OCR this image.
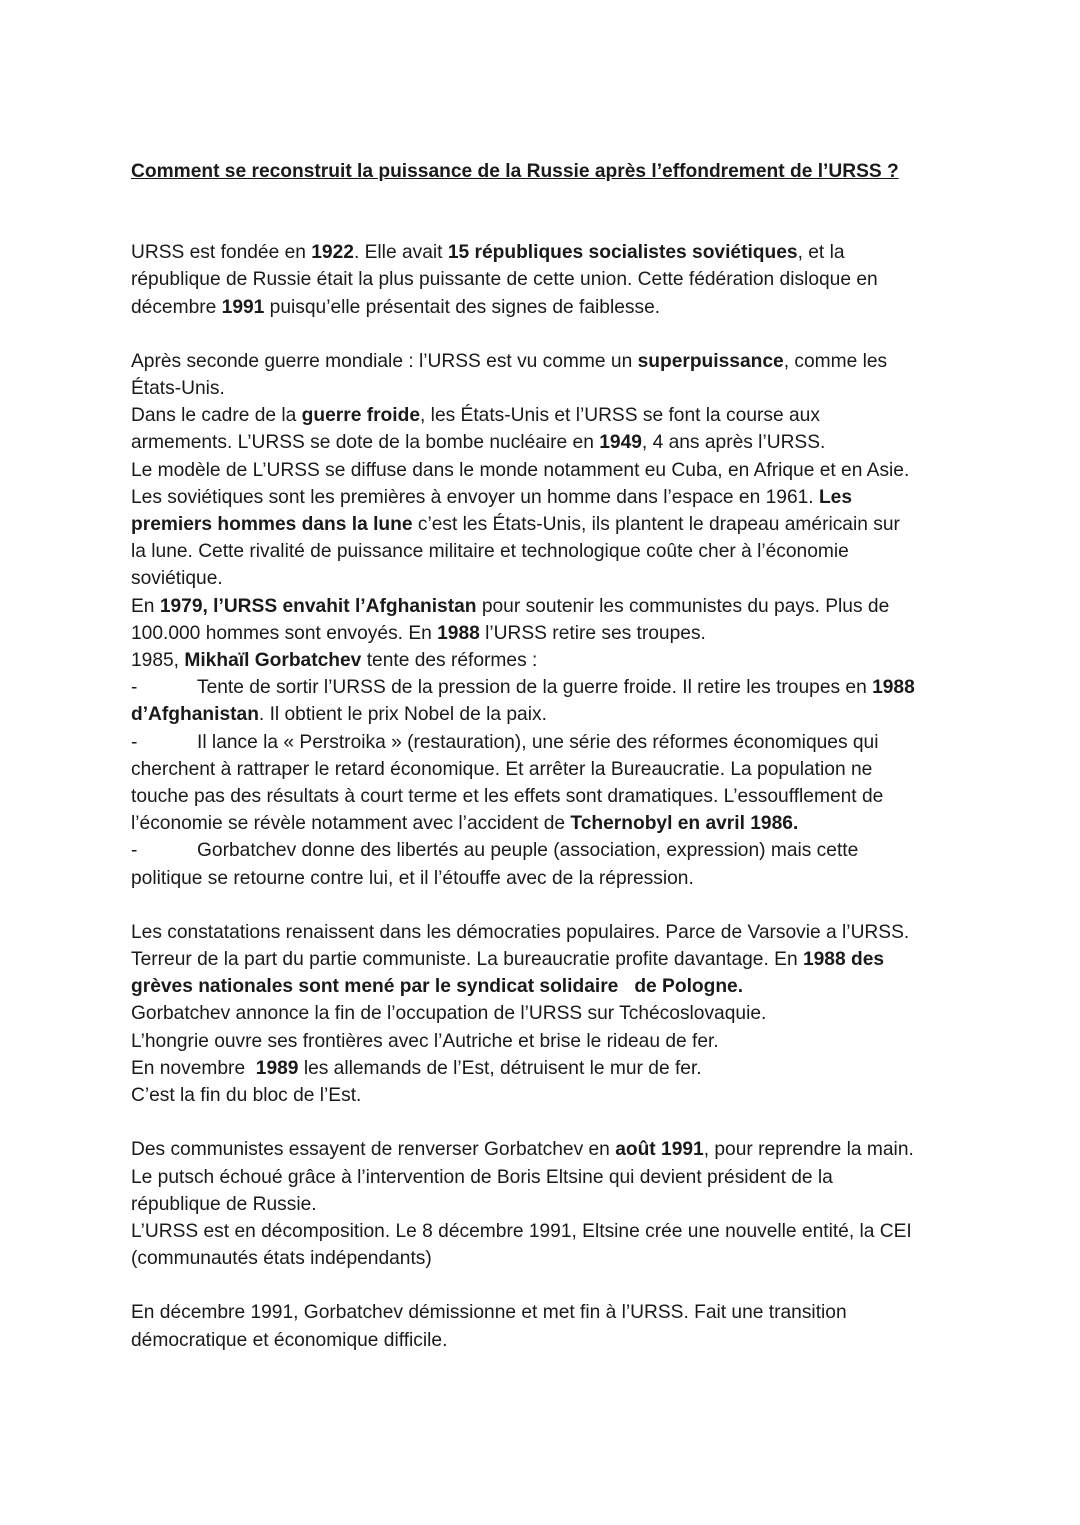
Comment se reconstruit la puissance de la Russie après l’effondrement de l’URSS ?
URSS est fondée en 1922. Elle avait 15 républiques socialistes soviétiques, et la
république de Russie était la plus puissante de cette union. Cette fédération disloque en
décembre 1991 puisqu’elle présentait des signes de faiblesse.
Après seconde guerre mondiale : l’URSS est vu comme un superpuissance, comme les
États-Unis.
Dans le cadre de la guerre froide, les États-Unis et l’URSS se font la course aux
armements. L’URSS se dote de la bombe nucléaire en 1949, 4 ans après l’URSS.
Le modèle de L’URSS se diffuse dans le monde notamment eu Cuba, en Afrique et en Asie.
Les soviétiques sont les premières à envoyer un homme dans l’espace en 1961. Les
premiers hommes dans la lune c’est les États-Unis, ils plantent le drapeau américain sur
la lune. Cette rivalité de puissance militaire et technologique coûte cher à l’économie
soviétique.
En 1979, l’URSS envahit l’Afghanistan pour soutenir les communistes du pays. Plus de
100.000 hommes sont envoyés. En 1988 l’URSS retire ses troupes.
1985, Mikhaïl Gorbatchev tente des réformes :
-	Tente de sortir l’URSS de la pression de la guerre froide. Il retire les troupes en 1988
d’Afghanistan. Il obtient le prix Nobel de la paix.
-	Il lance la « Perstroika » (restauration), une série des réformes économiques qui
cherchent à rattraper le retard économique. Et arrêter la Bureaucratie. La population ne
touche pas des résultats à court terme et les effets sont dramatiques. L’essoufflement de
l’économie se révèle notamment avec l’accident de Tchernobyl en avril 1986.
-	Gorbatchev donne des libertés au peuple (association, expression) mais cette
politique se retourne contre lui, et il l’étouffe avec de la répression.
Les constatations renaissent dans les démocraties populaires. Parce de Varsovie a l’URSS.
Terreur de la part du partie communiste. La bureaucratie profite davantage. En 1988 des
grèves nationales sont mené par le syndicat solidaire   de Pologne.
Gorbatchev annonce la fin de l’occupation de l’URSS sur Tchécoslovaquie.
L’hongrie ouvre ses frontières avec l’Autriche et brise le rideau de fer.
En novembre  1989 les allemands de l’Est, détruisent le mur de fer.
C’est la fin du bloc de l’Est.
Des communistes essayent de renverser Gorbatchev en août 1991, pour reprendre la main.
Le putsch échoué grâce à l’intervention de Boris Eltsine qui devient président de la
république de Russie.
L’URSS est en décomposition. Le 8 décembre 1991, Eltsine crée une nouvelle entité, la CEI
(communautés états indépendants)
En décembre 1991, Gorbatchev démissionne et met fin à l’URSS. Fait une transition
démocratique et économique difficile.
